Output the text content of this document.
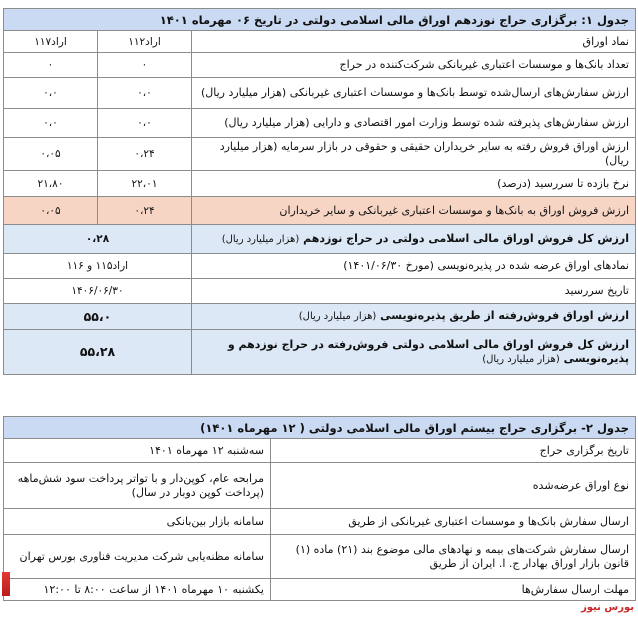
جدول ۱: برگزاری حراج نوزدهم اوراق مالی اسلامی دولتی در تاریخ ۰۶ مهرماه ۱۴۰۱		
نماد اوراق	اراد۱۱۲	اراد۱۱۷
تعداد بانک‌ها و موسسات اعتباری غیربانکی شرکت‌کننده در حراج	۰	۰
ارزش سفارش‌های ارسال‌شده توسط بانک‌ها و موسسات اعتباری غیربانکی (هزار میلیارد ریال)	۰،۰	۰،۰
ارزش سفارش‌های پذیرفته شده توسط وزارت امور اقتصادی و دارایی (هزار میلیارد ریال)	۰،۰	۰،۰
ارزش اوراق فروش رفته به سایر خریداران حقیقی و حقوقی در بازار سرمایه (هزار میلیارد ریال)	۰،۲۴	۰،۰۵
نرخ بازده تا سررسید (درصد)	۲۲،۰۱	۲۱،۸۰
ارزش فروش اوراق به بانک‌ها و موسسات اعتباری غیربانکی و سایر خریداران	۰،۲۴	۰،۰۵
ارزش کل فروش اوراق مالی اسلامی دولتی در حراج نوزدهم (هزار میلیارد ریال)	۰،۲۸	
نمادهای اوراق عرضه شده در پذیره‌نویسی (مورخ ۱۴۰۱/۰۶/۳۰)	اراد۱۱۵ و ۱۱۶	
تاریخ سررسید	۱۴۰۶/۰۶/۳۰	
ارزش اوراق فروش‌رفته از طریق پذیره‌نویسی (هزار میلیارد ریال)	۵۵،۰	
ارزش کل فروش اوراق مالی اسلامی دولتی فروش‌رفته در حراج نوزدهم و پذیره‌نویسی (هزار میلیارد ریال)	۵۵،۲۸	
جدول ۲- برگزاری حراج بیستم اوراق مالی اسلامی دولتی ( ۱۲ مهرماه ۱۴۰۱)	
تاریخ برگزاری حراج	سه‌شنبه ۱۲ مهرماه ۱۴۰۱
نوع اوراق عرضه‌شده	مرابحه عام، کوپن‌دار و با تواتر پرداخت سود شش‌ماهه (پرداخت کوپن دوبار در سال)
ارسال سفارش بانک‌ها و موسسات اعتباری غیربانکی از طریق	سامانه بازار بین‌بانکی
ارسال سفارش شرکت‌های بیمه و نهادهای مالی موضوع بند (۲۱) ماده (۱) قانون بازار اوراق بهادار ج. ا. ایران از طریق	سامانه مظنه‌یابی شرکت مدیریت فناوری بورس تهران
مهلت ارسال سفارش‌ها	یکشنبه ۱۰ مهرماه ۱۴۰۱ از ساعت ۸:۰۰ تا ۱۲:۰۰
بورس نیوز
